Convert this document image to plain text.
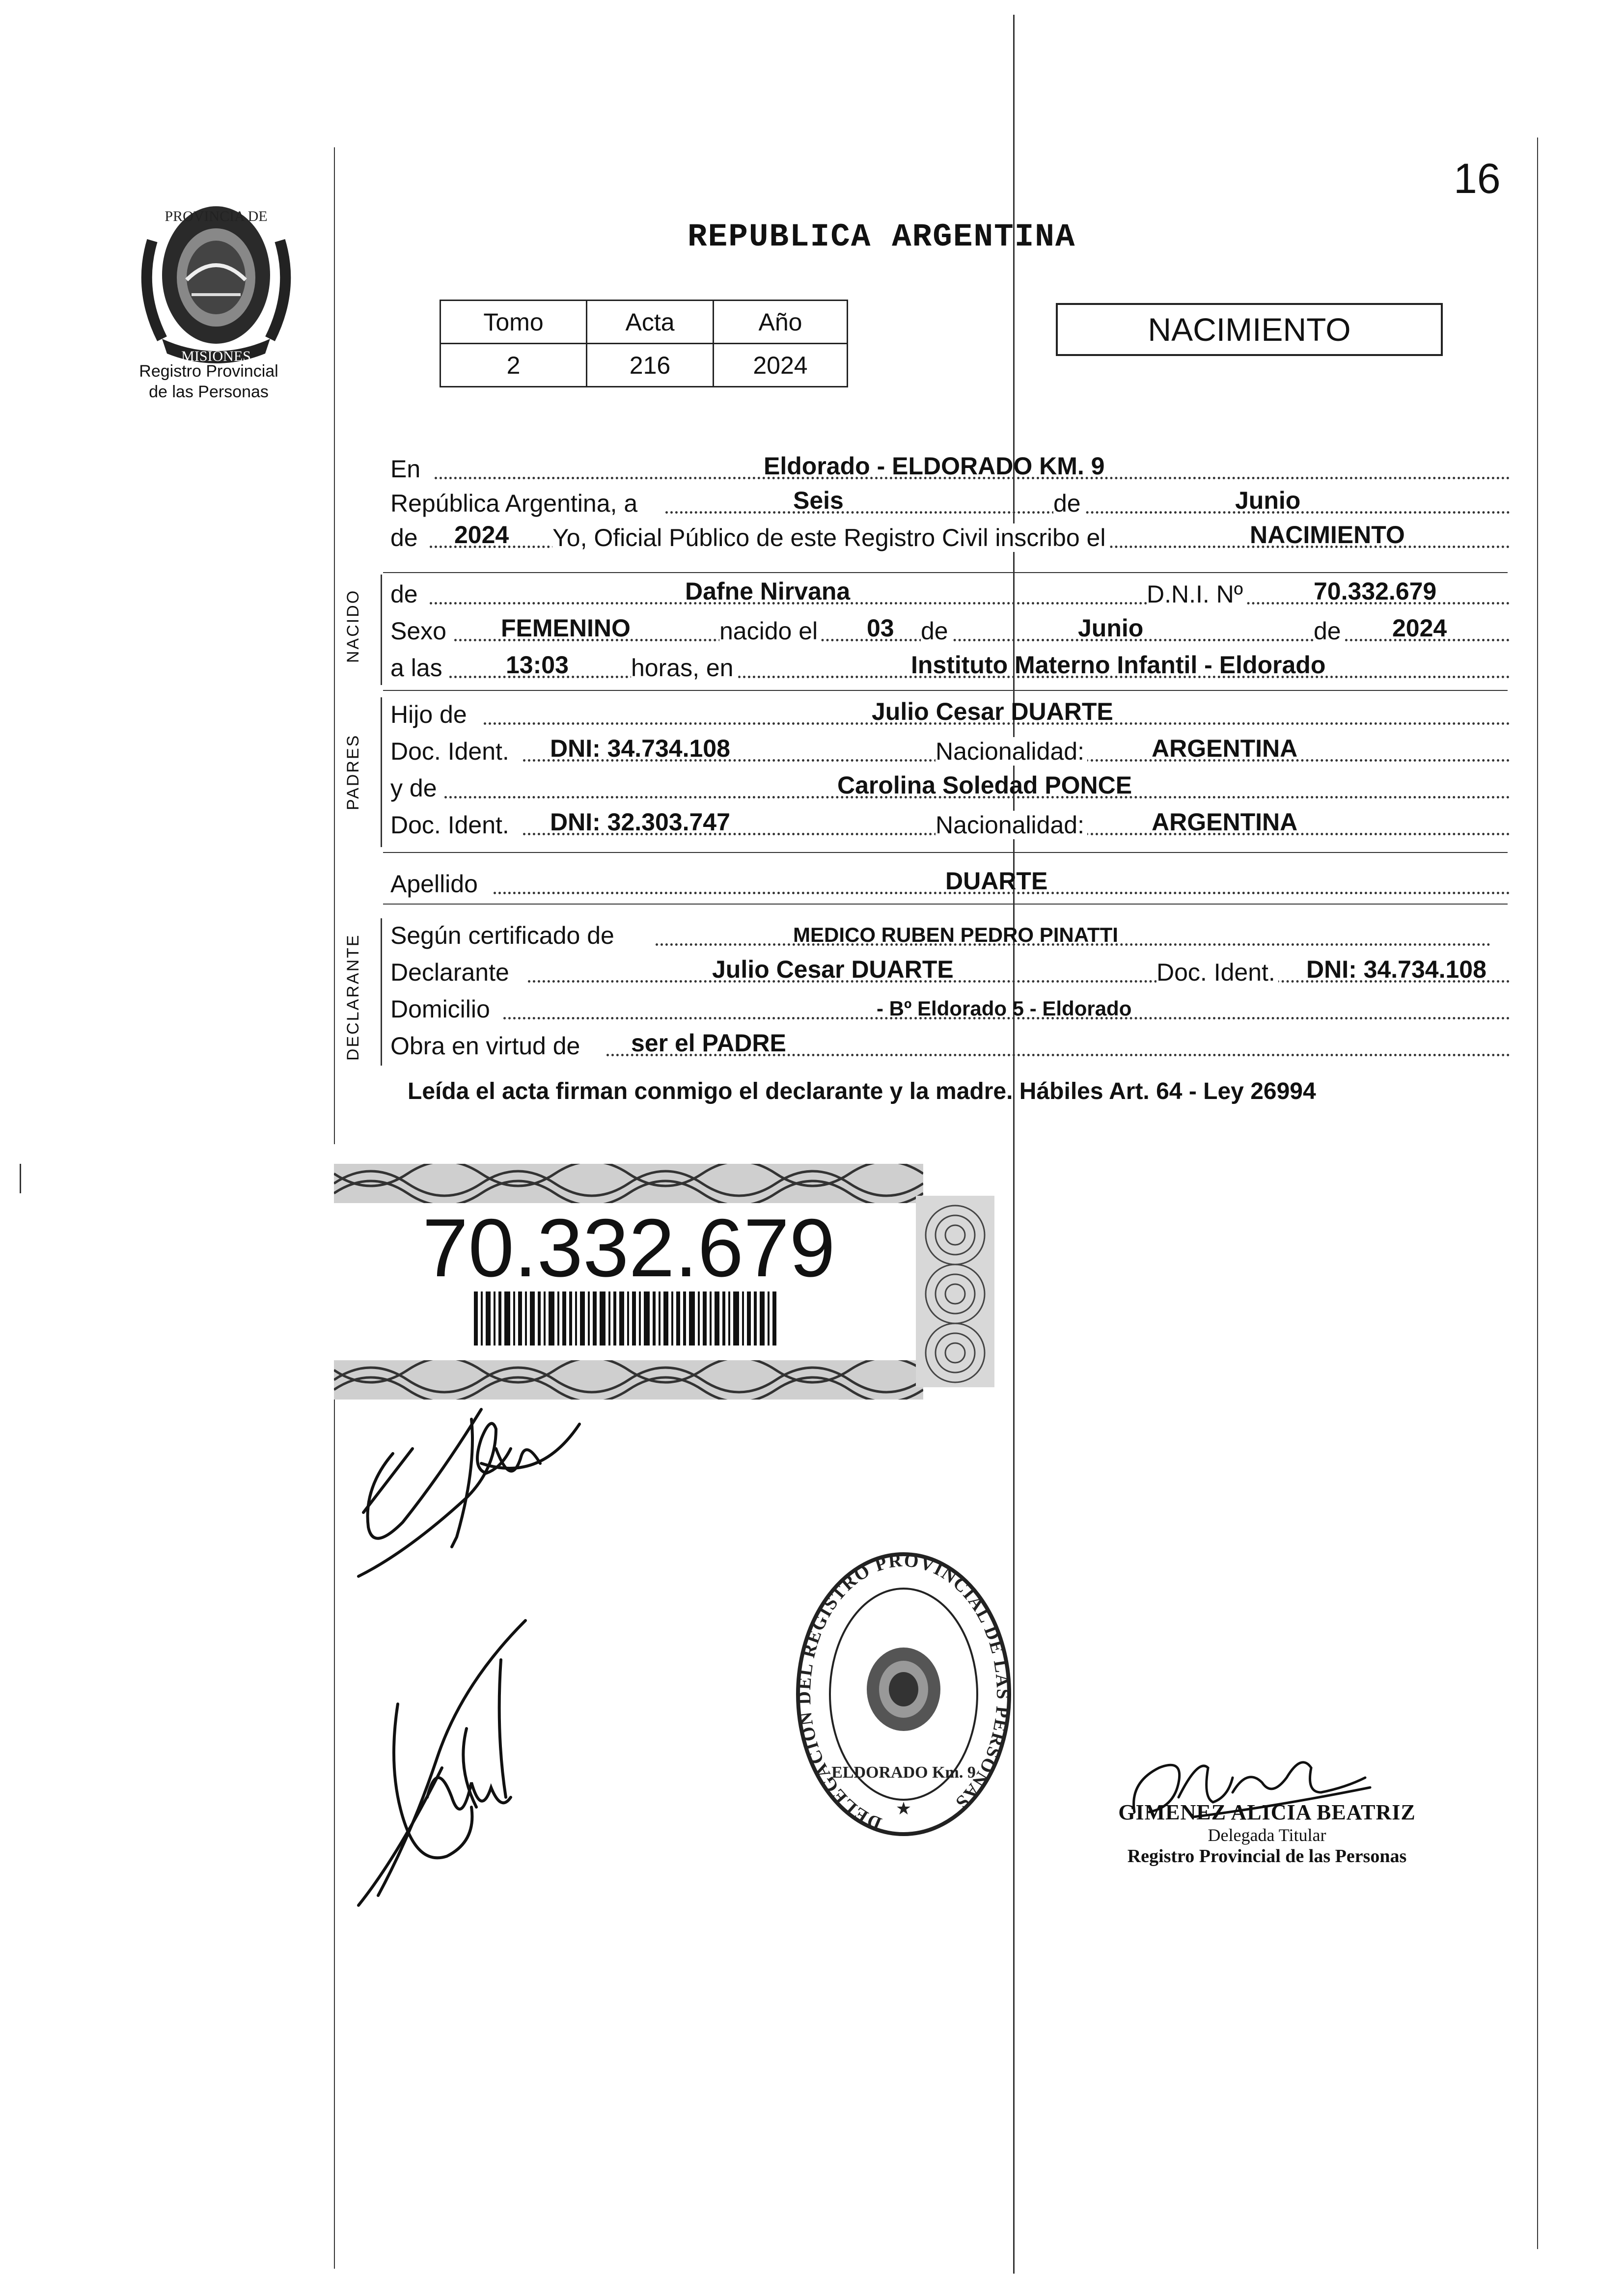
PROVINCIA DE
MISIONES
Registro Provincial
de las Personas
16
REPUBLICA ARGENTINA
Tomo	Acta	Año
2	216	2024
NACIMIENTO
NACIDO
PADRES
DECLARANTE
En	Eldorado - ELDORADO KM. 9
República Argentina, a	Seis	de	Junio
de 2024 Yo, Oficial Público de este Registro Civil inscribo el	NACIMIENTO
de	Dafne Nirvana	D.N.I. Nº	70.332.679
Sexo FEMENINO	nacido el 03 de	Junio	de 2024
a las	13:03	horas, en	Instituto Materno Infantil - Eldorado
Hijo de	Julio Cesar DUARTE
Doc. Ident. DNI: 34.734.108	Nacionalidad:	ARGENTINA
y de	Carolina Soledad PONCE
Doc. Ident. DNI: 32.303.747	Nacionalidad:	ARGENTINA
Apellido	DUARTE
Según certificado de	MEDICO RUBEN PEDRO PINATTI
Declarante	Julio Cesar DUARTE	Doc. Ident. DNI: 34.734.108
Domicilio	- Bº Eldorado 5 - Eldorado
Obra en virtud de ser el PADRE
Leída el acta firman conmigo el declarante y la madre. Hábiles Art. 64 - Ley 26994
70.332.679
DELEGACION DEL REGISTRO PROVINCIAL DE LAS PERSONAS
ELDORADO Km. 9
★	GIMENEZ ALICIA BEATRIZ
Delegada Titular
Registro Provincial de las Personas
